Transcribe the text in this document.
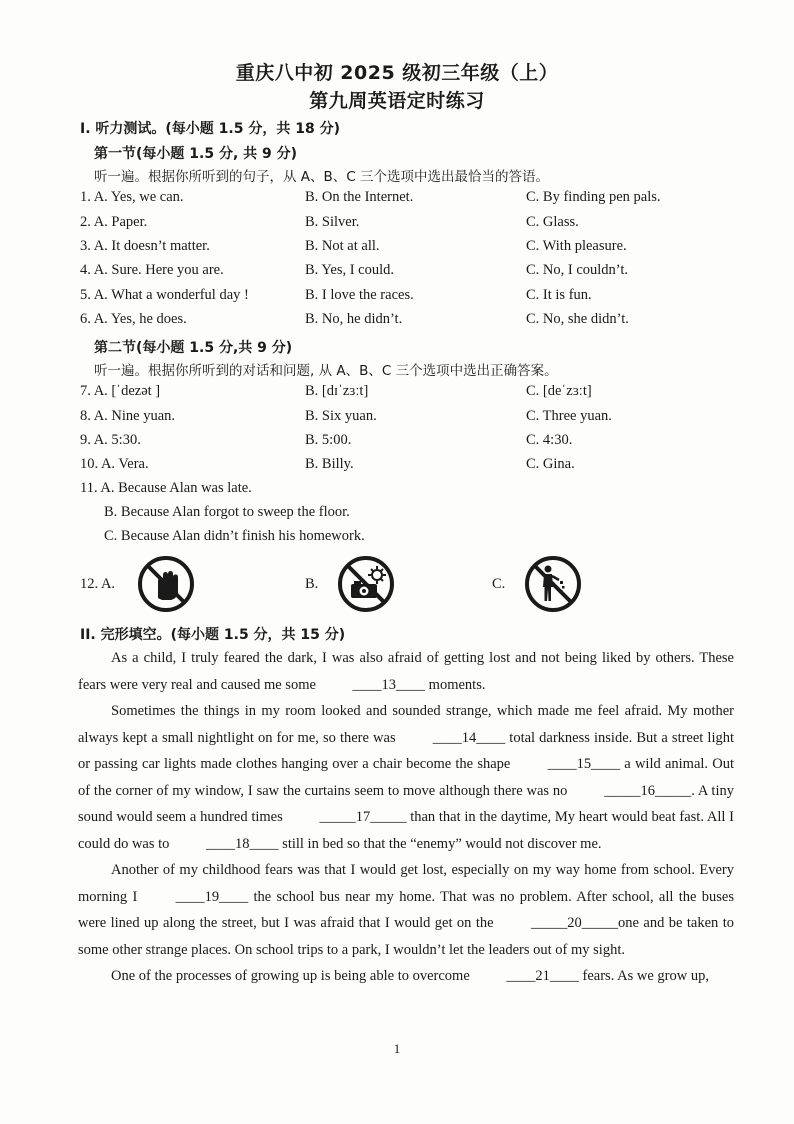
重庆八中初 2025 级初三年级（上）
第九周英语定时练习
I. 听力测试。(每小题 1.5 分，共 18 分)
第一节(每小题 1.5 分, 共 9 分)
听一遍。根据你所听到的句子，从 A、B、C 三个选项中选出最恰当的答语。
1. A. Yes, we can.	B. On the Internet.	C. By finding pen pals.
2. A. Paper.	B. Silver.	C. Glass.
3. A. It doesn’t matter.	B. Not at all.	C. With pleasure.
4. A. Sure. Here you are.	B. Yes, I could.	C. No, I couldn’t.
5. A. What a wonderful day !	B. I love the races.	C. It is fun.
6. A. Yes, he does.	B. No, he didn’t.	C. No, she didn’t.
第二节(每小题 1.5 分,共 9 分)
听一遍。根据你所听到的对话和问题, 从 A、B、C 三个选项中选出正确答案。
7. A. [ˈdezət ]	B. [dɪˈzɜːt]	C. [deˈzɜːt]
8. A. Nine yuan.	B. Six yuan.	C. Three yuan.
9. A. 5:30.	B. 5:00.	C. 4:30.
10. A. Vera.	B. Billy.	C. Gina.
11. A. Because Alan was late.
B. Because Alan forgot to sweep the floor.
C. Because Alan didn’t finish his homework.
12. A.	B.	C.
II. 完形填空。(每小题 1.5 分，共 15 分)

As a child, I truly feared the dark, I was also afraid of getting lost and not being liked by others. These fears were very real and caused me some ____13____ moments.

Sometimes the things in my room looked and sounded strange, which made me feel afraid. My mother always kept a small nightlight on for me, so there was ____14____ total darkness inside. But a street light or passing car lights made clothes hanging over a chair become the shape ____15____ a wild animal. Out of the corner of my window, I saw the curtains seem to move although there was no _____16_____. A tiny sound would seem a hundred times _____17_____ than that in the daytime, My heart would beat fast. All I could do was to ____18____ still in bed so that the “enemy” would not discover me.

Another of my childhood fears was that I would get lost, especially on my way home from school. Every morning I ____19____ the school bus near my home. That was no problem. After school, all the buses were lined up along the street, but I was afraid that I would get on the _____20_____one and be taken to some other strange places. On school trips to a park, I wouldn’t let the leaders out of my sight.

One of the processes of growing up is being able to overcome ____21____ fears. As we grow up,

1
